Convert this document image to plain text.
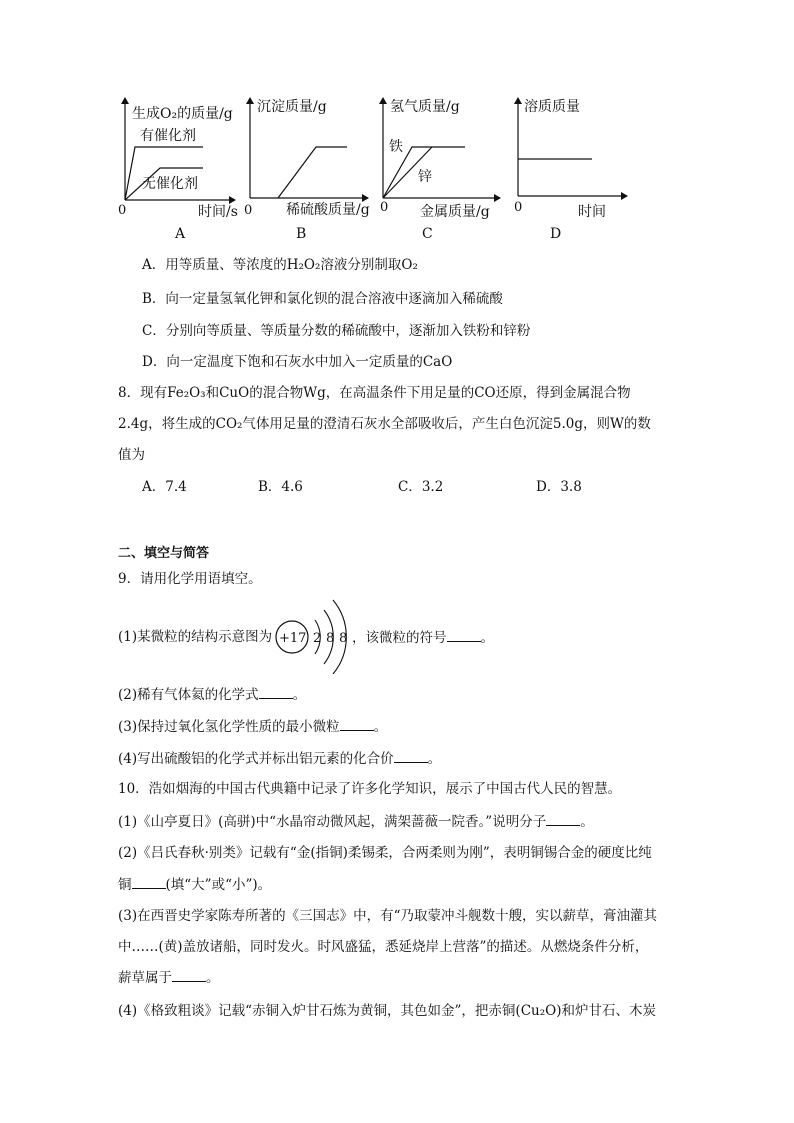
生成O₂的质量/g
有催化剂
无催化剂
0	时间/s
A
沉淀质量/g
0 稀硫酸质量/g
B
氢气质量/g
铁
锌
0 金属质量/g
C
溶质质量
0	时间
D
A．用等质量、等浓度的H₂O₂溶液分别制取O₂
B．向一定量氢氧化钾和氯化钡的混合溶液中逐滴加入稀硫酸
C．分别向等质量、等质量分数的稀硫酸中，逐渐加入铁粉和锌粉
D．向一定温度下饱和石灰水中加入一定质量的CaO
8．现有Fe₂O₃和CuO的混合物Wg，在高温条件下用足量的CO还原，得到金属混合物
2.4g，将生成的CO₂气体用足量的澄清石灰水全部吸收后，产生白色沉淀5.0g，则W的数
值为
A．7.4	B．4.6	C．3.2	D．3.8
二、填空与简答
9．请用化学用语填空。
(1)某微粒的结构示意图为 +17 2 8 8 ，该微粒的符号	。
(2)稀有气体氦的化学式	。
(3)保持过氧化氢化学性质的最小微粒	。
(4)写出硫酸铝的化学式并标出铝元素的化合价	。
10．浩如烟海的中国古代典籍中记录了许多化学知识，展示了中国古代人民的智慧。
(1)《山亭夏日》(高骈)中“水晶帘动微风起，满架蔷薇一院香。”说明分子	。
(2)《吕氏春秋·别类》记载有“金(指铜)柔锡柔，合两柔则为刚”，表明铜锡合金的硬度比纯
铜	(填“大”或“小”)。
(3)在西晋史学家陈寿所著的《三国志》中，有“乃取蒙冲斗舰数十艘，实以薪草，膏油灌其
中……(黄)盖放诸船，同时发火。时风盛猛，悉延烧岸上营落”的描述。从燃烧条件分析，
薪草属于	。
(4)《格致粗谈》记载“赤铜入炉甘石炼为黄铜，其色如金”，把赤铜(Cu₂O)和炉甘石、木炭
